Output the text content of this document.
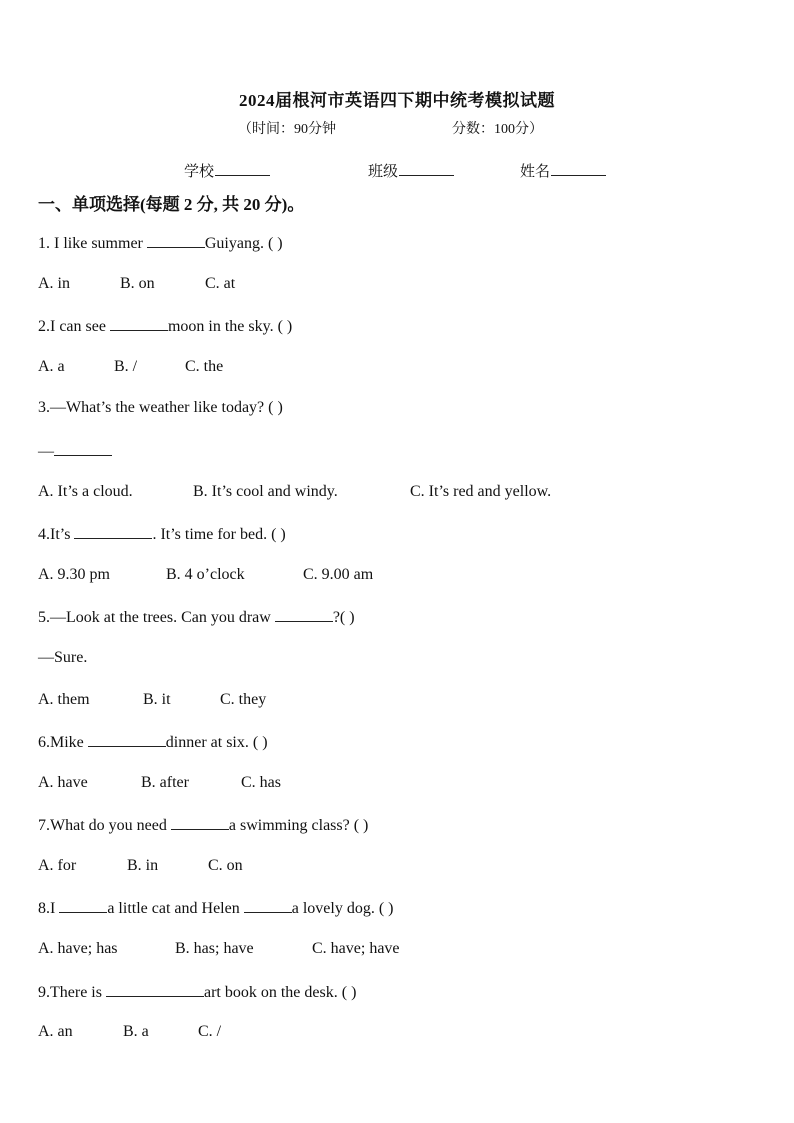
2024届根河市英语四下期中统考模拟试题
（时间：90分钟	分数：100分）
学校	班级	姓名
一、单项选择(每题 2 分, 共 20 分)。
1. I like summer	Guiyang. ( )
A. in	B. on	C. at
2.I can see	moon in the sky. ( )
A. a	B. /	C. the
3.—What’s the weather like today? ( )
—
A. It’s a cloud.	B. It’s cool and windy.	C. It’s red and yellow.
4.It’s	. It’s time for bed. ( )
A. 9.30 pm	B. 4 o’clock	C. 9.00 am
5.—Look at the trees. Can you draw	?( )
—Sure.
A. them	B. it	C. they
6.Mike	dinner at six. ( )
A. have	B. after	C. has
7.What do you need	a swimming class? ( )
A. for	B. in	C. on
8.I	a little cat and Helen	a lovely dog. ( )
A. have; has	B. has; have	C. have; have
9.There is	art book on the desk. ( )
A. an	B. a	C. /
